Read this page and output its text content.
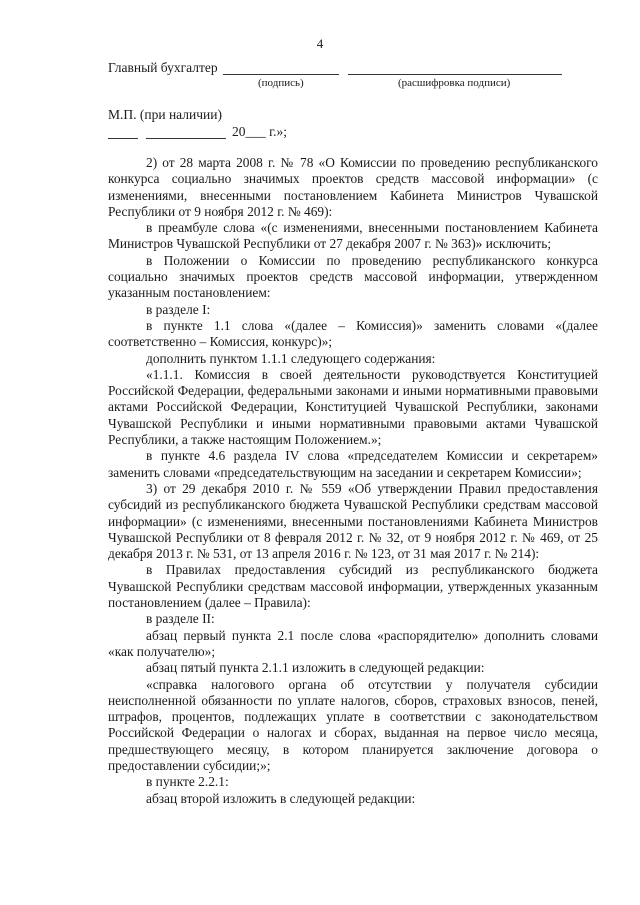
4
Главный бухгалтер
(подпись)	(расшифровка подписи)
М.П. (при наличии)
20___ г.»;

2) от 28 марта 2008 г. № 78 «О Комиссии по проведению республиканского конкурса социально значимых проектов средств массовой информации» (с изменениями, внесенными постановлением Кабинета Министров Чувашской Республики от 9 ноября 2012 г. № 469):

в преамбуле слова «(с изменениями, внесенными постановлением Кабинета Министров Чувашской Республики от 27 декабря 2007 г. № 363)» исключить;

в Положении о Комиссии по проведению республиканского конкурса социально значимых проектов средств массовой информации, утвержденном указанным постановлением:

в разделе I:

в пункте 1.1 слова «(далее – Комиссия)» заменить словами «(далее соответственно – Комиссия, конкурс)»;

дополнить пунктом 1.1.1 следующего содержания:

«1.1.1. Комиссия в своей деятельности руководствуется Конституцией Российской Федерации, федеральными законами и иными нормативными правовыми актами Российской Федерации, Конституцией Чувашской Республики, законами Чувашской Республики и иными нормативными правовыми актами Чувашской Республики, а также настоящим Положением.»;

в пункте 4.6 раздела IV слова «председателем Комиссии и секретарем» заменить словами «председательствующим на заседании и секретарем Комиссии»;

3) от 29 декабря 2010 г. № 559 «Об утверждении Правил предоставления субсидий из республиканского бюджета Чувашской Республики средствам массовой информации» (с изменениями, внесенными постановлениями Кабинета Министров Чувашской Республики от 8 февраля 2012 г. № 32, от 9 ноября 2012 г. № 469, от 25 декабря 2013 г. № 531, от 13 апреля 2016 г. № 123, от 31 мая 2017 г. № 214):

в Правилах предоставления субсидий из республиканского бюджета Чувашской Республики средствам массовой информации, утвержденных указанным постановлением (далее – Правила):

в разделе II:

абзац первый пункта 2.1 после слова «распорядителю» дополнить словами «как получателю»;

абзац пятый пункта 2.1.1 изложить в следующей редакции:

«справка налогового органа об отсутствии у получателя субсидии неисполненной обязанности по уплате налогов, сборов, страховых взносов, пеней, штрафов, процентов, подлежащих уплате в соответствии с законодательством Российской Федерации о налогах и сборах, выданная на первое число месяца, предшествующего месяцу, в котором планируется заключение договора о предоставлении субсидии;»;

в пункте 2.2.1:

абзац второй изложить в следующей редакции:
